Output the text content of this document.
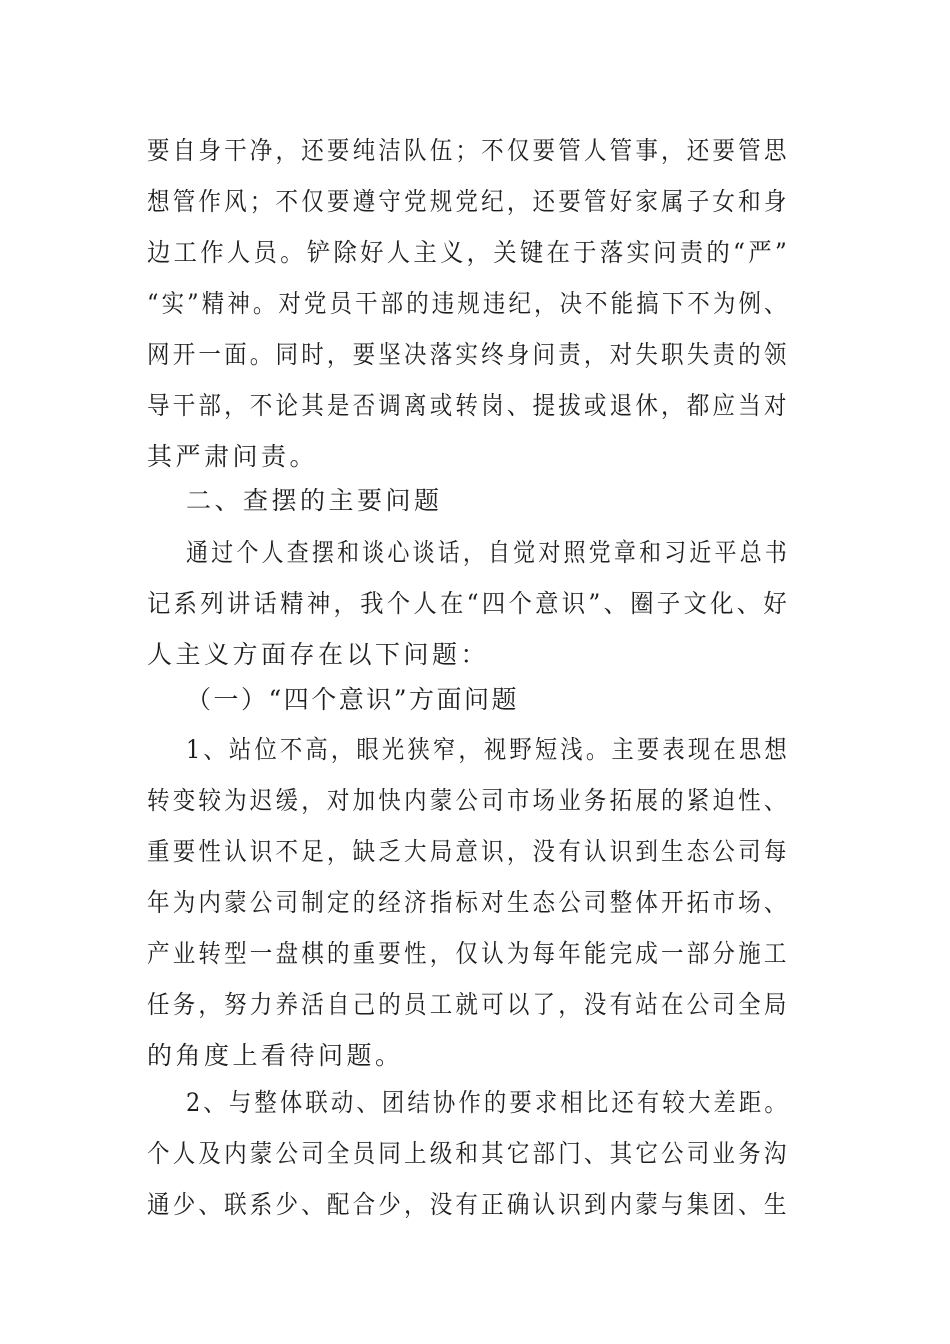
要自身干净，还要纯洁队伍；不仅要管人管事，还要管思
想管作风；不仅要遵守党规党纪，还要管好家属子女和身
边工作人员。铲除好人主义，关键在于落实问责的“严”
“实”精神。对党员干部的违规违纪，决不能搞下不为例、
网开一面。同时，要坚决落实终身问责，对失职失责的领
导干部，不论其是否调离或转岗、提拔或退休，都应当对
其严肃问责。
二、查摆的主要问题
通过个人查摆和谈心谈话，自觉对照党章和习近平总书
记系列讲话精神，我个人在“四个意识”、圈子文化、好
人主义方面存在以下问题：
（一）“四个意识”方面问题
1、站位不高，眼光狭窄，视野短浅。主要表现在思想
转变较为迟缓，对加快内蒙公司市场业务拓展的紧迫性、
重要性认识不足，缺乏大局意识，没有认识到生态公司每
年为内蒙公司制定的经济指标对生态公司整体开拓市场、
产业转型一盘棋的重要性，仅认为每年能完成一部分施工
任务，努力养活自己的员工就可以了，没有站在公司全局
的角度上看待问题。
2、与整体联动、团结协作的要求相比还有较大差距。
个人及内蒙公司全员同上级和其它部门、其它公司业务沟
通少、联系少、配合少，没有正确认识到内蒙与集团、生
